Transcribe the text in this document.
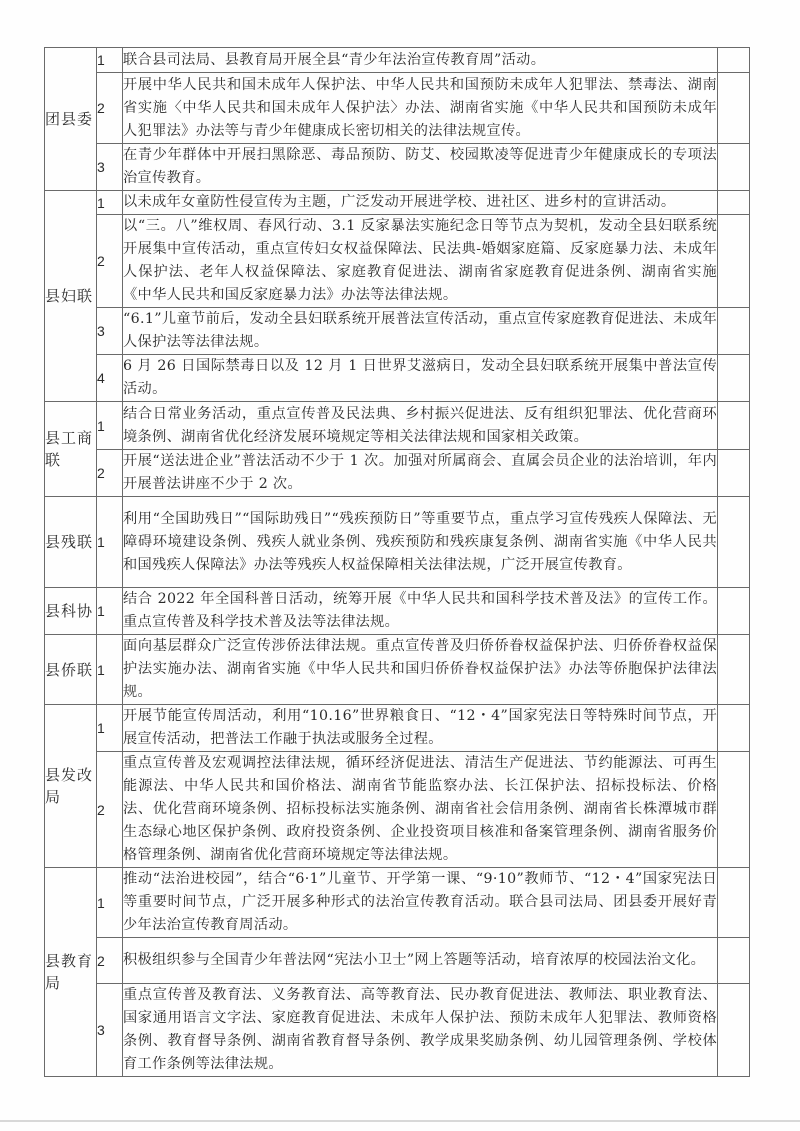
团县委	1	联合县司法局、县教育局开展全县“青少年法治宣传教育周”活动。	
	2	开展中华人民共和国未成年人保护法、中华人民共和国预防未成年人犯罪法、禁毒法、湖南省实施〈中华人民共和国未成年人保护法〉办法、湖南省实施《中华人民共和国预防未成年人犯罪法》办法等与青少年健康成长密切相关的法律法规宣传。	
	3	在青少年群体中开展扫黑除恶、毒品预防、防艾、校园欺凌等促进青少年健康成长的专项法治宣传教育。	
县妇联	1	以未成年女童防性侵宣传为主题，广泛发动开展进学校、进社区、进乡村的宣讲活动。	
	2	以“三。八”维权周、春风行动、3.1 反家暴法实施纪念日等节点为契机，发动全县妇联系统开展集中宣传活动，重点宣传妇女权益保障法、民法典-婚姻家庭篇、反家庭暴力法、未成年人保护法、老年人权益保障法、家庭教育促进法、湖南省家庭教育促进条例、湖南省实施《中华人民共和国反家庭暴力法》办法等法律法规。	
	3	“6.1”儿童节前后，发动全县妇联系统开展普法宣传活动，重点宣传家庭教育促进法、未成年人保护法等法律法规。	
	4	6 月 26 日国际禁毒日以及 12 月 1 日世界艾滋病日，发动全县妇联系统开展集中普法宣传活动。	
县工商联	1	结合日常业务活动，重点宣传普及民法典、乡村振兴促进法、反有组织犯罪法、优化营商环境条例、湖南省优化经济发展环境规定等相关法律法规和国家相关政策。	
	2	开展“送法进企业”普法活动不少于 1 次。加强对所属商会、直属会员企业的法治培训，年内开展普法讲座不少于 2 次。	
县残联	1	利用“全国助残日”“国际助残日”“残疾预防日”等重要节点，重点学习宣传残疾人保障法、无障碍环境建设条例、残疾人就业条例、残疾预防和残疾康复条例、湖南省实施《中华人民共和国残疾人保障法》办法等残疾人权益保障相关法律法规，广泛开展宣传教育。	
县科协	1	结合 2022 年全国科普日活动，统筹开展《中华人民共和国科学技术普及法》的宣传工作。重点宣传普及科学技术普及法等法律法规。	
县侨联	1	面向基层群众广泛宣传涉侨法律法规。重点宣传普及归侨侨眷权益保护法、归侨侨眷权益保护法实施办法、湖南省实施《中华人民共和国归侨侨眷权益保护法》办法等侨胞保护法律法规。	
县发改局	1	开展节能宣传周活动，利用“10.16”世界粮食日、“12・4”国家宪法日等特殊时间节点，开展宣传活动，把普法工作融于执法或服务全过程。	
	2	重点宣传普及宏观调控法律法规，循环经济促进法、清洁生产促进法、节约能源法、可再生能源法、中华人民共和国价格法、湖南省节能监察办法、长江保护法、招标投标法、价格法、优化营商环境条例、招标投标法实施条例、湖南省社会信用条例、湖南省长株潭城市群生态绿心地区保护条例、政府投资条例、企业投资项目核准和备案管理条例、湖南省服务价格管理条例、湖南省优化营商环境规定等法律法规。	
县教育局	1	推动“法治进校园”，结合“6·1”儿童节、开学第一课、“9·10”教师节、“12・4”国家宪法日等重要时间节点，广泛开展多种形式的法治宣传教育活动。联合县司法局、团县委开展好青少年法治宣传教育周活动。	
	2	积极组织参与全国青少年普法网“宪法小卫士”网上答题等活动，培育浓厚的校园法治文化。	
	3	重点宣传普及教育法、义务教育法、高等教育法、民办教育促进法、教师法、职业教育法、国家通用语言文字法、家庭教育促进法、未成年人保护法、预防未成年人犯罪法、教师资格条例、教育督导条例、湖南省教育督导条例、教学成果奖励条例、幼儿园管理条例、学校体育工作条例等法律法规。	
